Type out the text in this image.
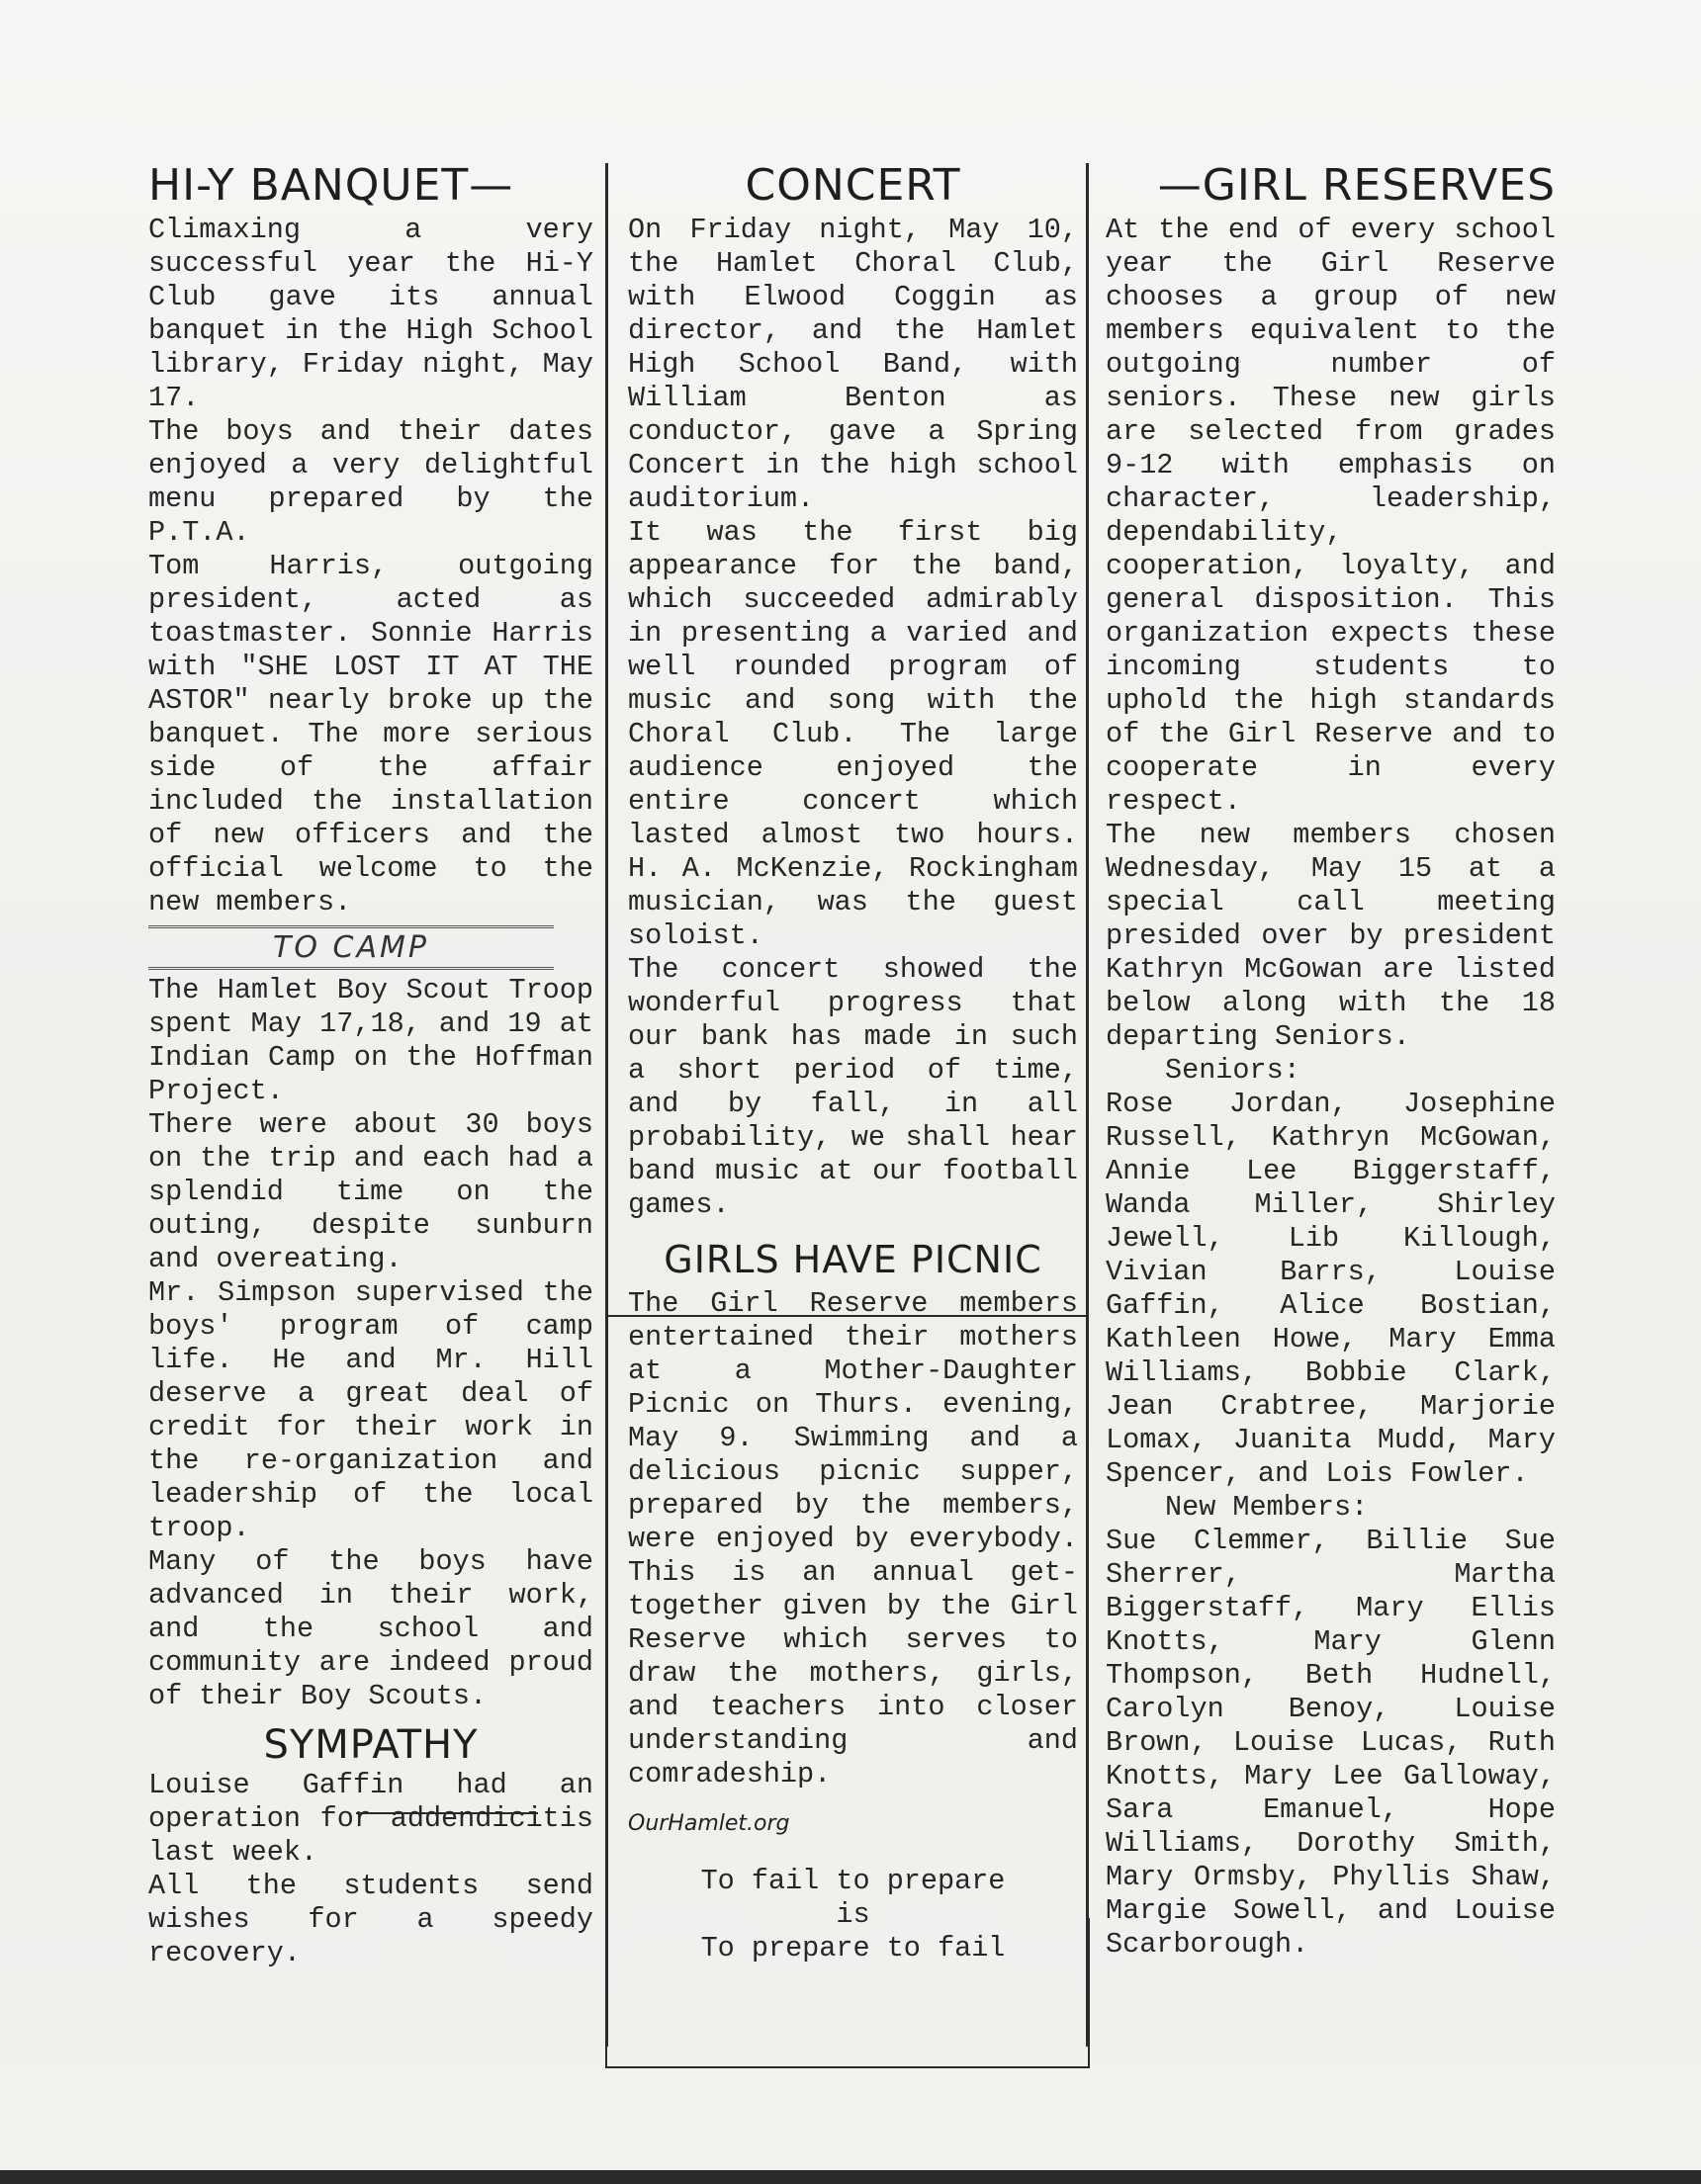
HI-Y BANQUET—

Climaxing a very successful year the Hi-Y Club gave its annual banquet in the High School library, Friday night, May 17.
The boys and their dates enjoyed a very delightful menu prepared by the P.T.A.
Tom Harris, outgoing president, acted as toastmaster. Sonnie Harris with "SHE LOST IT AT THE ASTOR" nearly broke up the banquet. The more serious side of the affair included the installation of new officers and the official welcome to the new members.

TO CAMP

The Hamlet Boy Scout Troop spent May 17,18, and 19 at Indian Camp on the Hoffman Project.
There were about 30 boys on the trip and each had a splendid time on the outing, despite sunburn and overeating.
Mr. Simpson supervised the boys' program of camp life. He and Mr. Hill deserve a great deal of credit for their work in the re-organization and leadership of the local troop.
Many of the boys have advanced in their work, and the school and community are indeed proud of their Boy Scouts.

SYMPATHY

Louise Gaffin had an operation for addendicitis last week.
All the students send wishes for a speedy recovery.

CONCERT

On Friday night, May 10, the Hamlet Choral Club, with Elwood Coggin as director, and the Hamlet High School Band, with William Benton as conductor, gave a Spring Concert in the high school auditorium.
It was the first big appearance for the band, which succeeded admirably in presenting a varied and well rounded program of music and song with the Choral Club. The large audience enjoyed the entire concert which lasted almost two hours. H. A. McKenzie, Rockingham musician, was the guest soloist.
The concert showed the wonderful progress that our bank has made in such a short period of time, and by fall, in all probability, we shall hear band music at our football games.

GIRLS HAVE PICNIC

The Girl Reserve members entertained their mothers at a Mother-Daughter Picnic on Thurs. evening, May 9. Swimming and a delicious picnic supper, prepared by the members, were enjoyed by everybody. This is an annual get-together given by the Girl Reserve which serves to draw the mothers, girls, and teachers into closer understanding and comradeship.

OurHamlet.org

To fail to prepare

is

To prepare to fail

—GIRL RESERVES

At the end of every school year the Girl Reserve chooses a group of new members equivalent to the outgoing number of seniors. These new girls are selected from grades 9-12 with emphasis on character, leadership, dependability, cooperation, loyalty, and general disposition. This organization expects these incoming students to uphold the high standards of the Girl Reserve and to cooperate in every respect.
The new members chosen Wednesday, May 15 at a special call meeting presided over by president Kathryn McGowan are listed below along with the 18 departing Seniors.

Seniors:

Rose Jordan, Josephine Russell, Kathryn McGowan, Annie Lee Biggerstaff, Wanda Miller, Shirley Jewell, Lib Killough, Vivian Barrs, Louise Gaffin, Alice Bostian, Kathleen Howe, Mary Emma Williams, Bobbie Clark, Jean Crabtree, Marjorie Lomax, Juanita Mudd, Mary Spencer, and Lois Fowler.

New Members:

Sue Clemmer, Billie Sue Sherrer, Martha Biggerstaff, Mary Ellis Knotts, Mary Glenn Thompson, Beth Hudnell, Carolyn Benoy, Louise Brown, Louise Lucas, Ruth Knotts, Mary Lee Galloway, Sara Emanuel, Hope Williams, Dorothy Smith, Mary Ormsby, Phyllis Shaw, Margie Sowell, and Louise Scarborough.
